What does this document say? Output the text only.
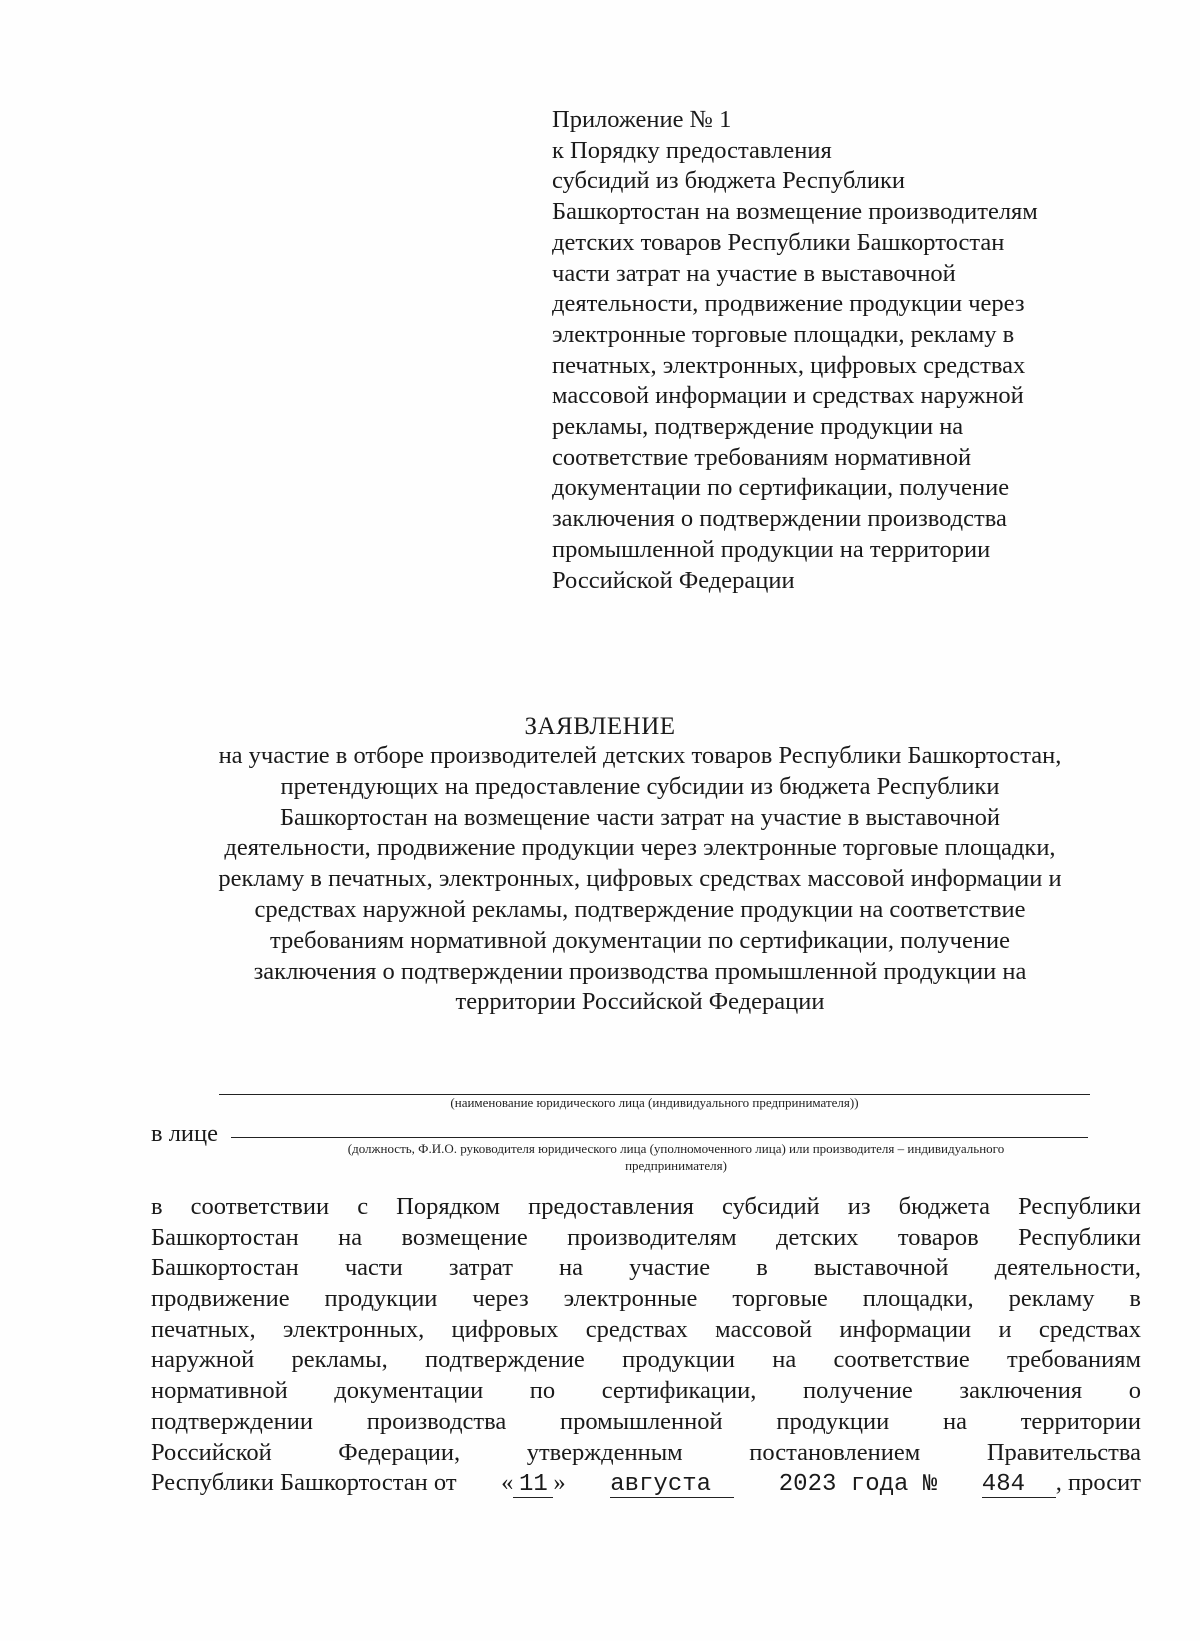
Приложение № 1
к Порядку предоставления
субсидий из бюджета Республики
Башкортостан на возмещение производителям
детских товаров Республики Башкортостан
части затрат на участие в выставочной
деятельности, продвижение продукции через
электронные торговые площадки, рекламу в
печатных, электронных, цифровых средствах
массовой информации и средствах наружной
рекламы, подтверждение продукции на
соответствие требованиям нормативной
документации по сертификации, получение
заключения о подтверждении производства
промышленной продукции на территории
Российской Федерации
ЗАЯВЛЕНИЕ
на участие в отборе производителей детских товаров Республики Башкортостан,
претендующих на предоставление субсидии из бюджета Республики
Башкортостан на возмещение части затрат на участие в выставочной
деятельности, продвижение продукции через электронные торговые площадки,
рекламу в печатных, электронных, цифровых средствах массовой информации и
средствах наружной рекламы, подтверждение продукции на соответствие
требованиям нормативной документации по сертификации, получение
заключения о подтверждении производства промышленной продукции на
территории Российской Федерации
(наименование юридического лица (индивидуального предпринимателя))
в лице
(должность, Ф.И.О. руководителя юридического лица (уполномоченного лица) или производителя – индивидуального
предпринимателя)
в соответствии с Порядком предоставления субсидий из бюджета Республики
Башкортостан на возмещение производителям детских товаров Республики
Башкортостан части затрат на участие в выставочной деятельности,
продвижение продукции через электронные торговые площадки, рекламу в
печатных, электронных, цифровых средствах массовой информации и средствах
наружной рекламы, подтверждение продукции на соответствие требованиям
нормативной документации по сертификации, получение заключения о
подтверждении производства промышленной продукции на территории
Российской Федерации, утвержденным постановлением Правительства
Республики Башкортостан от « 11 » августа	2023 года № 484 , просит
